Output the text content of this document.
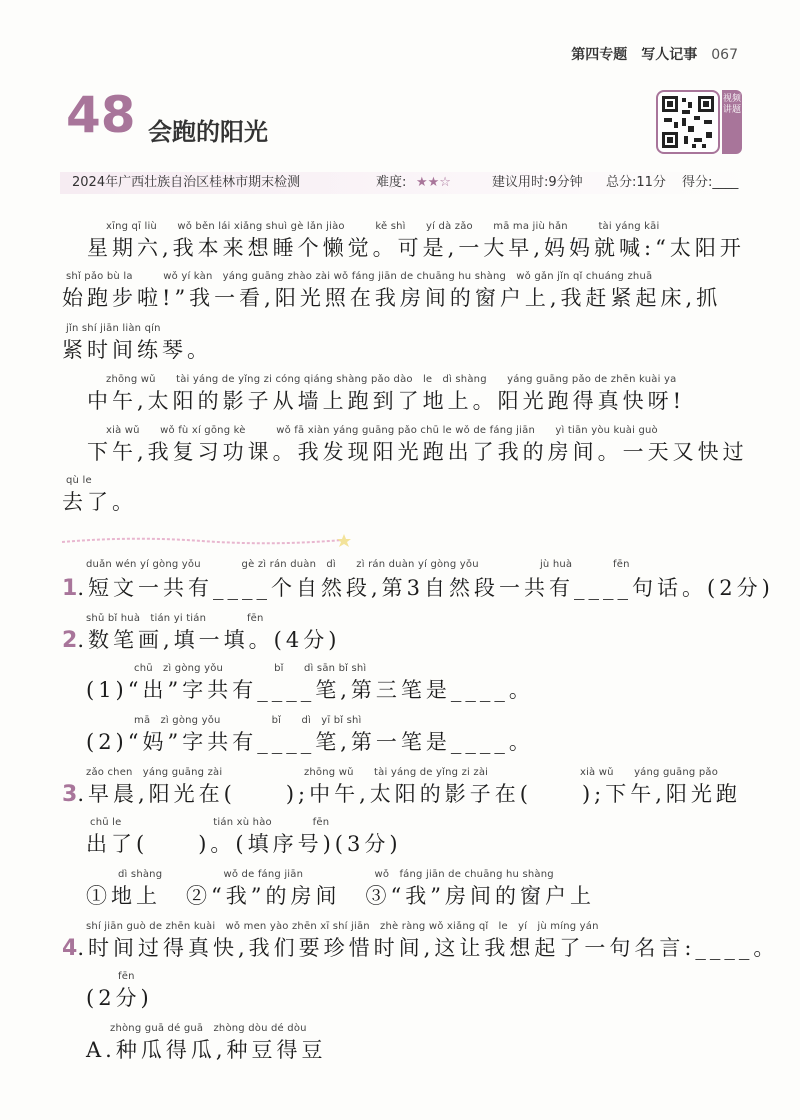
第四专题　写人记事 067
48 会跑的阳光
视频讲题
2024年广西壮族自治区桂林市期末检测	难度: ★★☆	建议用时:9分钟 总分:11分 得分:____
xīng qī liù　　wǒ běn lái xiǎng shuì gè lǎn jiào　　　kě shì　　yí dà zǎo　　mā ma jiù hǎn　　　tài yáng kāi
　星期六,我本来想睡个懒觉。可是,一大早,妈妈就喊:“太阳开
shǐ pǎo bù la　　　wǒ yí kàn　yáng guāng zhào zài wǒ fáng jiān de chuāng hu shàng　wǒ gǎn jǐn qǐ chuáng zhuā
始跑步啦!”我一看,阳光照在我房间的窗户上,我赶紧起床,抓
jǐn shí jiān liàn qín
紧时间练琴。
zhōng wǔ　　tài yáng de yǐng zi cóng qiáng shàng pǎo dào　le　dì shàng　　yáng guāng pǎo de zhēn kuài ya
　中午,太阳的影子从墙上跑到了地上。阳光跑得真快呀!
xià wǔ　　wǒ fù xí gōng kè　　　wǒ fā xiàn yáng guāng pǎo chū le wǒ de fáng jiān　　yì tiān yòu kuài guò
　下午,我复习功课。我发现阳光跑出了我的房间。一天又快过
qù le
去了。
duǎn wén yí gòng yǒu　　　　gè zì rán duàn　dì　　zì rán duàn yí gòng yǒu　　　　　　jù huà　　　　fēn
1.短文一共有____个自然段,第3自然段一共有____句话。(2分)
shǔ bǐ huà　tián yi tián　　　　fēn
2.数笔画,填一填。(4分)
chū　zì gòng yǒu　　　　　bǐ　　dì sān bǐ shì
(1)“出”字共有____笔,第三笔是____。
mā　zì gòng yǒu　　　　　bǐ　　dì　yī bǐ shì
(2)“妈”字共有____笔,第一笔是____。
zǎo chen　yáng guāng zài　　　　　　　　zhōng wǔ　　tài yáng de yǐng zi zài　　　　　　　　　xià wǔ　　yáng guāng pǎo
3.早晨,阳光在(　　);中午,太阳的影子在(　　);下午,阳光跑
chū le　　　　　　　　　tián xù hào　　　　fēn
出了(　　)。(填序号)(3分)
dì shàng　　　　　　wǒ de fáng jiān　　　　　　　wǒ　fáng jiān de chuāng hu shàng
①地上　②“我”的房间　③“我”房间的窗户上
shí jiān guò de zhēn kuài　wǒ men yào zhēn xī shí jiān　zhè ràng wǒ xiǎng qǐ　le　yí　jù míng yán
4.时间过得真快,我们要珍惜时间,这让我想起了一句名言:____。
fēn
(2分)
zhòng guā dé guā　zhòng dòu dé dòu
A.种瓜得瓜,种豆得豆
